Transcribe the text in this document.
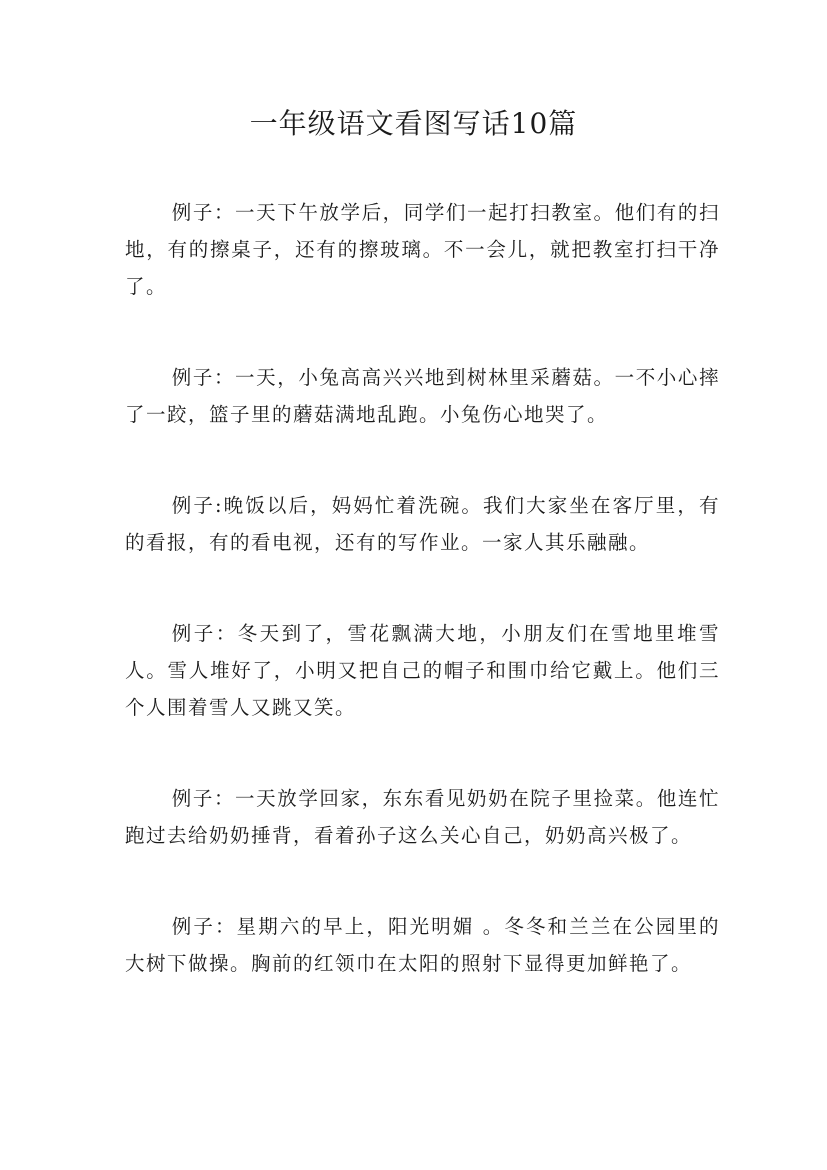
一年级语文看图写话10篇

例子：一天下午放学后，同学们一起打扫教室。他们有的扫地，有的擦桌子，还有的擦玻璃。不一会儿，就把教室打扫干净了。

例子：一天，小兔高高兴兴地到树林里采蘑菇。一不小心摔了一跤，篮子里的蘑菇满地乱跑。小兔伤心地哭了。

例子:晚饭以后，妈妈忙着洗碗。我们大家坐在客厅里，有的看报，有的看电视，还有的写作业。一家人其乐融融。

例子：冬天到了，雪花飘满大地，小朋友们在雪地里堆雪人。雪人堆好了，小明又把自己的帽子和围巾给它戴上。他们三个人围着雪人又跳又笑。

例子：一天放学回家，东东看见奶奶在院子里捡菜。他连忙跑过去给奶奶捶背，看着孙子这么关心自己，奶奶高兴极了。

例子：星期六的早上，阳光明媚 。冬冬和兰兰在公园里的大树下做操。胸前的红领巾在太阳的照射下显得更加鲜艳了。
